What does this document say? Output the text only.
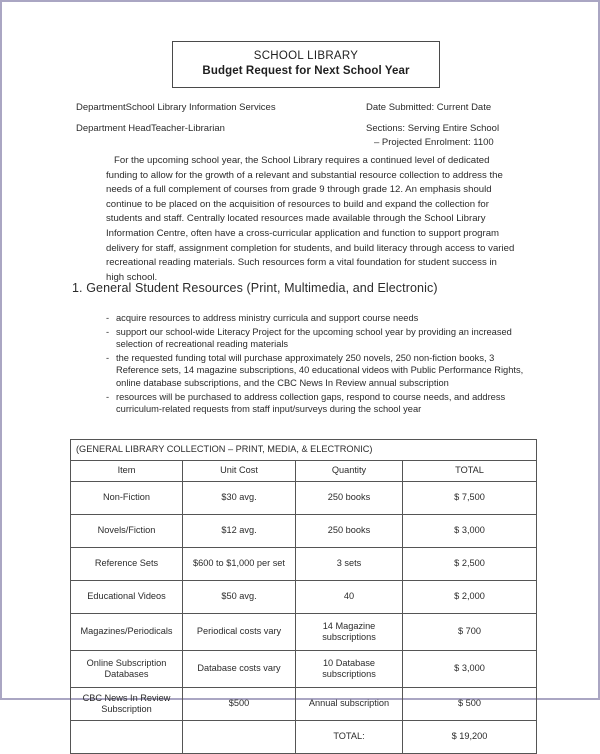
SCHOOL LIBRARY
Budget Request for Next School Year
DepartmentSchool Library Information Services	Date Submitted: Current Date
Department HeadTeacher-Librarian	Sections: Serving Entire School
– Projected Enrolment: 1100
For the upcoming school year, the School Library requires a continued level of dedicated funding to allow for the growth of a relevant and substantial resource collection to address the needs of a full complement of courses from grade 9 through grade 12. An emphasis should continue to be placed on the acquisition of resources to build and expand the collection for students and staff. Centrally located resources made available through the School Library Information Centre, often have a cross-curricular application and function to support program delivery for staff, assignment completion for students, and build literacy through access to varied recreational reading materials. Such resources form a vital foundation for student success in high school.
1. General Student Resources (Print, Multimedia, and Electronic)
- acquire resources to address ministry curricula and support course needs
- support our school-wide Literacy Project for the upcoming school year by providing an increased selection of recreational reading materials
- the requested funding total will purchase approximately 250 novels, 250 non-fiction books, 3 Reference sets, 14 magazine subscriptions, 40 educational videos with Public Performance Rights, online database subscriptions, and the CBC News In Review annual subscription
- resources will be purchased to address collection gaps, respond to course needs, and address curriculum-related requests from staff input/surveys during the school year
(GENERAL LIBRARY COLLECTION – PRINT, MEDIA, & ELECTRONIC)			
Item	Unit Cost	Quantity	TOTAL
Non-Fiction	$30 avg.	250 books	$ 7,500
Novels/Fiction	$12 avg.	250 books	$ 3,000
Reference Sets	$600 to $1,000 per set	3 sets	$ 2,500
Educational Videos	$50 avg.	40	$ 2,000
Magazines/Periodicals	Periodical costs vary	14 Magazine subscriptions	$ 700
Online Subscription Databases	Database costs vary	10 Database subscriptions	$ 3,000
CBC News In Review Subscription	$500	Annual subscription	$ 500
		TOTAL:	$ 19,200
